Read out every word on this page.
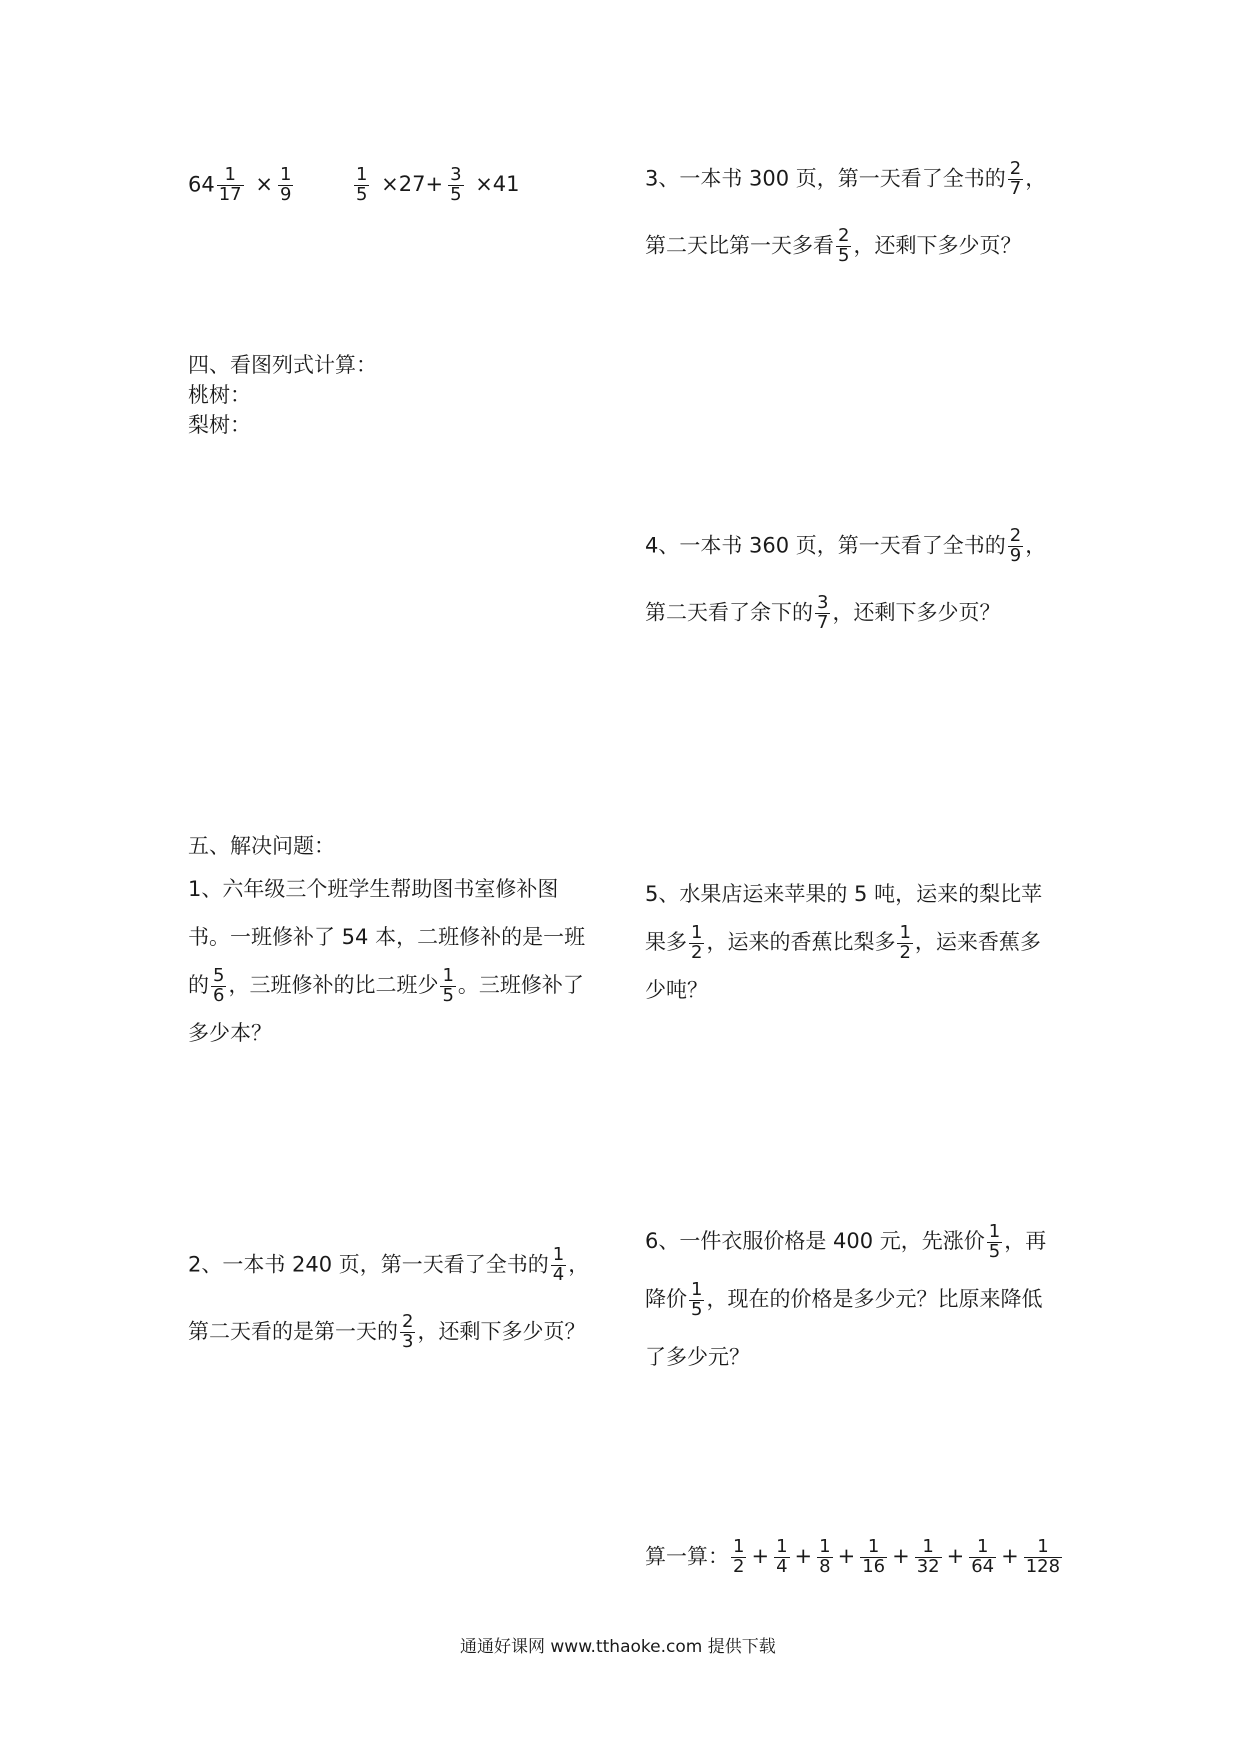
$64 \frac{1}{17} \times \frac{1}{9}$	$\frac{1}{5} \times 27+ \frac{3}{5} \times 41$	3、一本书 300 页，第一天看了全书的 $\frac{2}{7}$ ，
第二天比第一天多看 $\frac{2}{5}$ ，还剩下多少页？
四、看图列式计算：
桃树：
梨树：
4、一本书 360 页，第一天看了全书的 $\frac{2}{9}$ ，
第二天看了余下的 $\frac{3}{7}$ ，还剩下多少页？
五、解决问题：
1、六年级三个班学生帮助图书室修补图
书。一班修补了 54 本，二班修补的是一班
的 $\frac{5}{6}$ ，三班修补的比二班少 $\frac{1}{5}$ 。三班修补了
多少本？
5、水果店运来苹果的 5 吨，运来的梨比苹
果多 $\frac{1}{2}$ ，运来的香蕉比梨多 $\frac{1}{2}$ ，运来香蕉多
少吨？
2、一本书 240 页，第一天看了全书的 $\frac{1}{4}$ ，
第二天看的是第一天的 $\frac{2}{3}$ ，还剩下多少页？
6、一件衣服价格是 400 元，先涨价 $\frac{1}{5}$ ，再
降价 $\frac{1}{5}$ ，现在的价格是多少元？比原来降低
了多少元？
算一算： $\frac{1}{2} + \frac{1}{4} + \frac{1}{8} + \frac{1}{16} + \frac{1}{32} + \frac{1}{64} + \frac{1}{128}$
通通好课网 www.tthaoke.com 提供下载
